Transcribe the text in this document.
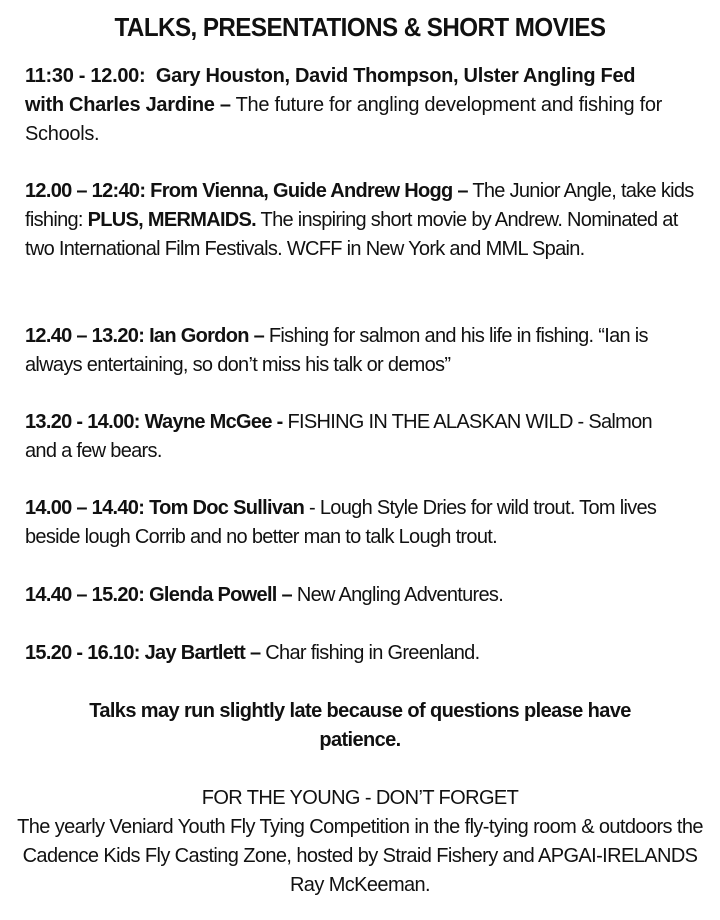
TALKS, PRESENTATIONS & SHORT MOVIES
11:30 - 12.00: Gary Houston, David Thompson, Ulster Angling Fed with Charles Jardine – The future for angling development and fishing for Schools.
12.00 – 12:40: From Vienna, Guide Andrew Hogg – The Junior Angle, take kids fishing: PLUS, MERMAIDS. The inspiring short movie by Andrew. Nominated at two International Film Festivals. WCFF in New York and MML Spain.
12.40 – 13.20: Ian Gordon – Fishing for salmon and his life in fishing. “Ian is always entertaining, so don’t miss his talk or demos”
13.20 - 14.00: Wayne McGee - FISHING IN THE ALASKAN WILD - Salmon and a few bears.
14.00 – 14.40: Tom Doc Sullivan - Lough Style Dries for wild trout. Tom lives beside lough Corrib and no better man to talk Lough trout.
14.40 – 15.20: Glenda Powell – New Angling Adventures.
15.20 - 16.10: Jay Bartlett – Char fishing in Greenland.
Talks may run slightly late because of questions please have patience.
FOR THE YOUNG - DON’T FORGET
The yearly Veniard Youth Fly Tying Competition in the fly-tying room & outdoors the Cadence Kids Fly Casting Zone, hosted by Straid Fishery and APGAI-IRELANDS Ray McKeeman.
